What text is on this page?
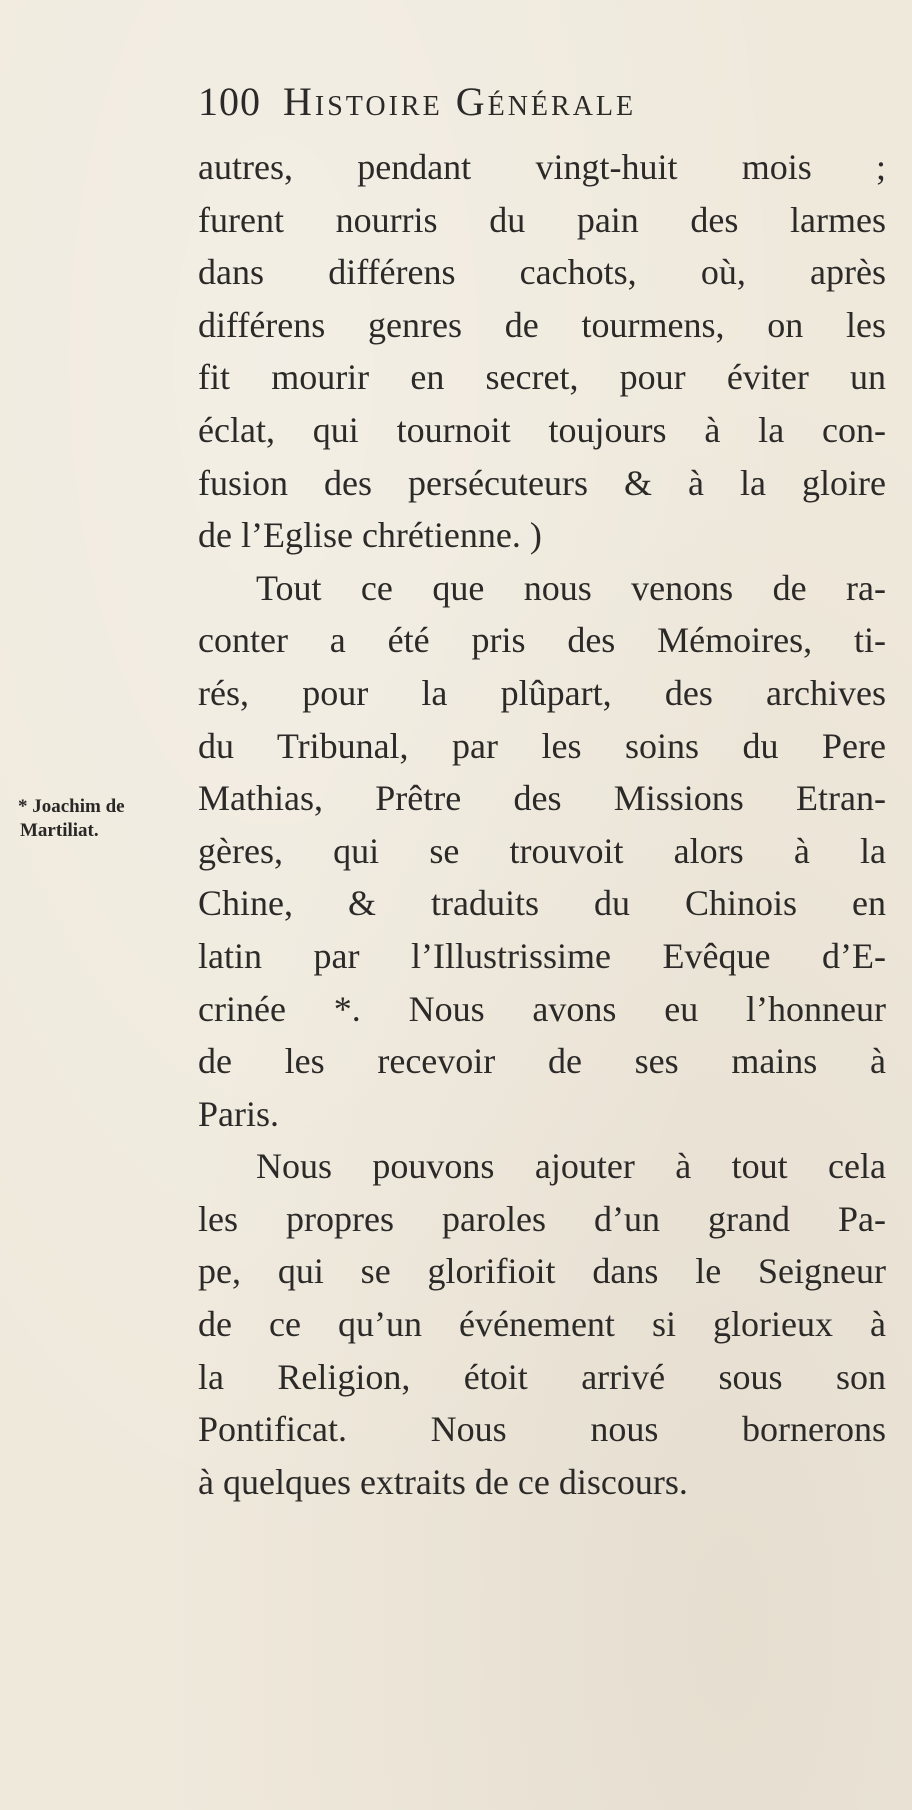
100 Histoire Générale
* Joachim de
Martiliat.
autres, pendant vingt-huit mois ;
furent nourris du pain des larmes
dans différens cachots, où, après
différens genres de tourmens, on les
fit mourir en secret, pour éviter un
éclat, qui tournoit toujours à la con-
fusion des persécuteurs & à la gloire
de l’Eglise chrétienne. )
Tout ce que nous venons de ra-
conter a été pris des Mémoires, ti-
rés, pour la plûpart, des archives
du Tribunal, par les soins du Pere
Mathias, Prêtre des Missions Etran-
gères, qui se trouvoit alors à la
Chine, & traduits du Chinois en
latin par l’Illustrissime Evêque d’E-
crinée *. Nous avons eu l’honneur
de les recevoir de ses mains à
Paris.
Nous pouvons ajouter à tout cela
les propres paroles d’un grand Pa-
pe, qui se glorifioit dans le Seigneur
de ce qu’un événement si glorieux à
la Religion, étoit arrivé sous son
Pontificat. Nous nous bornerons
à quelques extraits de ce discours.
